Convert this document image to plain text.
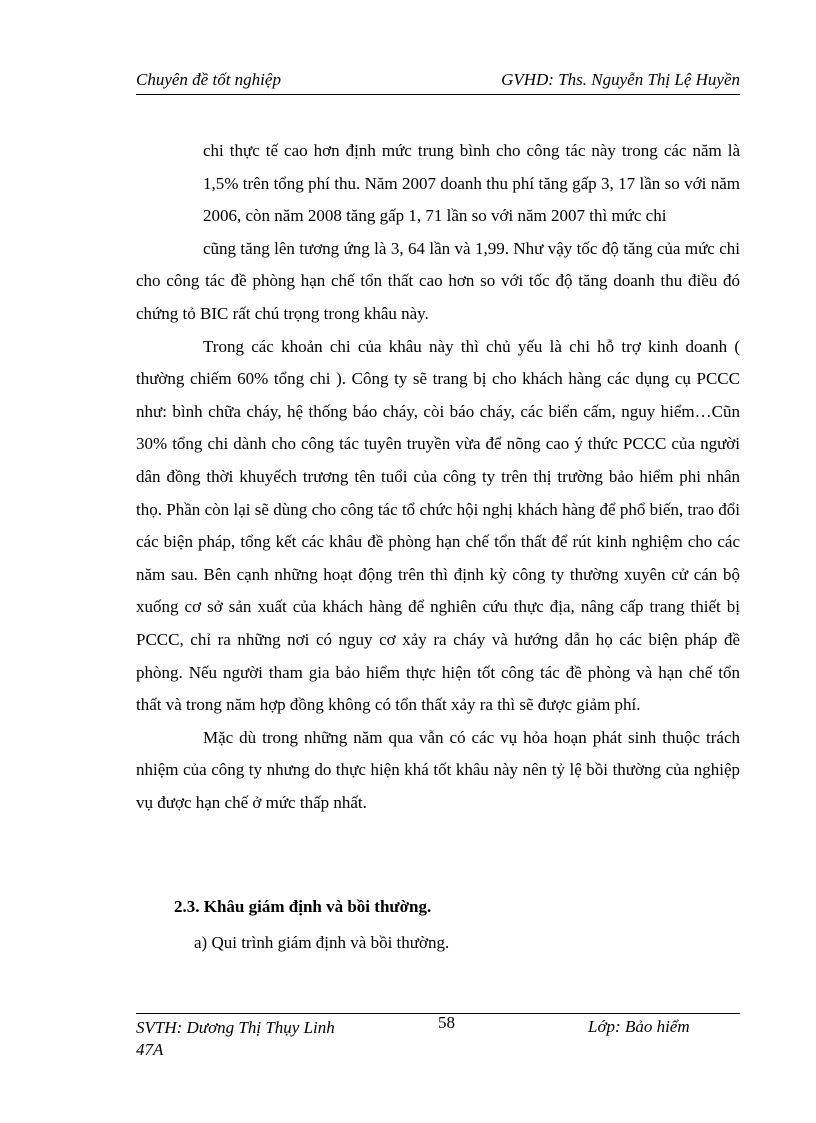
Chuyên đề tốt nghiệp	GVHD: Ths. Nguyễn Thị Lệ Huyền

chi thực tế cao hơn định mức trung bình cho công tác này trong các năm là 1,5% trên tổng phí thu. Năm 2007 doanh thu phí tăng gấp 3, 17 lần so với năm 2006, còn năm 2008 tăng gấp 1, 71 lần so với năm 2007 thì mức chi

cũng tăng lên tương ứng là 3, 64 lần và 1,99. Như vậy tốc độ tăng của mức chi cho công tác đề phòng hạn chế tổn thất cao hơn so với tốc độ tăng doanh thu điều đó chứng tỏ BIC rất chú trọng trong khâu này.

Trong các khoản chi của khâu này thì chủ yếu là chi hỗ trợ kinh doanh ( thường chiếm 60% tổng chi ). Công ty sẽ trang bị cho khách hàng các dụng cụ PCCC như: bình chữa cháy, hệ thống báo cháy, còi báo cháy, các biển cấm, nguy hiểm…Cũn 30% tổng chi dành cho công tác tuyên truyền vừa để nõng cao ý thức PCCC của người dân đồng thời khuyếch trương tên tuổi của công ty trên thị trường bảo hiểm phi nhân thọ. Phần còn lại sẽ dùng cho công tác tổ chức hội nghị khách hàng để phổ biến, trao đổi các biện pháp, tổng kết các khâu đề phòng hạn chế tổn thất để rút kinh nghiệm cho các năm sau. Bên cạnh những hoạt động trên thì định kỳ công ty thường xuyên cử cán bộ xuống cơ sở sản xuất của khách hàng để nghiên cứu thực địa, nâng cấp trang thiết bị PCCC, chỉ ra những nơi có nguy cơ xảy ra cháy và hướng dẫn họ các biện pháp đề phòng. Nếu người tham gia bảo hiểm thực hiện tốt công tác đề phòng và hạn chế tổn thất và trong năm hợp đồng không có tổn thất xảy ra thì sẽ được giảm phí.

Mặc dù trong những năm qua vẫn có các vụ hỏa hoạn phát sinh thuộc trách nhiệm của công ty nhưng do thực hiện khá tốt khâu này nên tỷ lệ bồi thường của nghiệp vụ được hạn chế ở mức thấp nhất.

2.3. Khâu giám định và bồi thường.
a) Qui trình giám định và bồi thường.
SVTH: Dương Thị Thụy Linh
47A
58	Lớp: Bảo hiểm
